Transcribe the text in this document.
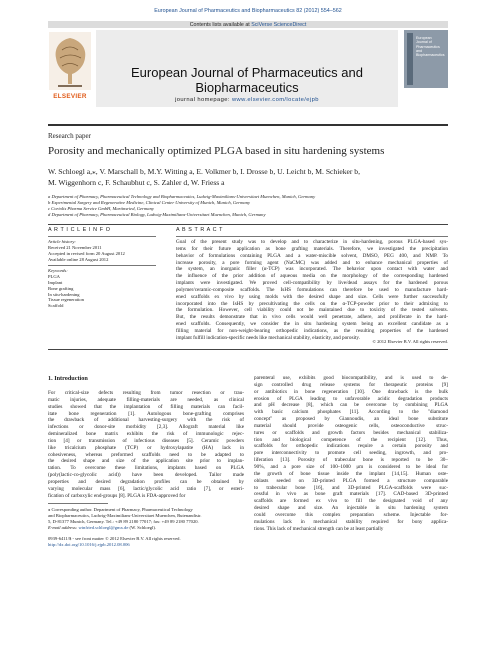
European Journal of Pharmaceutics and Biopharmaceutics 82 (2012) 554–562
Contents lists available at SciVerse ScienceDirect
ELSEVIER
European Journal of Pharmaceutics and Biopharmaceutics
journal homepage: www.elsevier.com/locate/ejpb
European
Journal of
Pharmaceutics and
Biopharmaceutics
Research paper
Porosity and mechanically optimized PLGA based in situ hardening systems
W. Schloegl a,⁎, V. Marschall b, M.Y. Witting a, E. Volkmer b, I. Drosse b, U. Leicht b, M. Schieker b,
M. Wiggenhorn c, F. Schaubhut c, S. Zahler d, W. Friess a
a Department of Pharmacy, Pharmaceutical Technology and Biopharmaceutics, Ludwig-Maximilians-Universitaet Muenchen, Munich, Germany
b Experimental Surgery and Regenerative Medicine, Clinical Center University of Munich, Munich, Germany
c Coriolis Pharma Service GmbH, Martinsried, Germany
d Department of Pharmacy, Pharmaceutical Biology, Ludwig-Maximilians-Universitaet Muenchen, Munich, Germany
A R T I C L E I N F O
Article history:
Received 21 November 2011
Accepted in revised form 20 August 2012
Available online 28 August 2012
Keywords:
PLGA
Implant
Bone grafting
In situ-hardening
Tissue regeneration
Scaffold
A B S T R A C T
Goal of the present study was to develop and to characterize in situ-hardening, porous PLGA-based sys-
tems for their future application as bone grafting materials. Therefore, we investigated the precipitation
behavior of formulations containing PLGA and a water-miscible solvent, DMSO, PEG 400, and NMP. To
increase porosity, a pore forming agent (NaCMC) was added and to enhance mechanical properties of
the system, an inorganic filler (α-TCP) was incorporated. The behavior upon contact with water and
the influence of the prior addition of aqueous media on the morphology of the corresponding hardened
implants were investigated. We proved cell-compatibility by live/dead assays for the hardened porous
polymer/ceramic-composite scaffolds. The IsHS formulations can therefore be used to manufacture hard-
ened scaffolds ex vivo by using molds with the desired shape and size. Cells were further successfully
incorporated into the IsHS by precultivating the cells on the α-TCP-powder prior to their admixing to
the formulation. However, cell viability could not be maintained due to toxicity of the tested solvents.
But, the results demonstrate that in vivo cells would well penetrate, adhere, and proliferate in the hard-
ened scaffolds. Consequently, we consider the in situ hardening system being an excellent candidate as a
filling material for non-weight-bearing orthopedic indications, as the resulting properties of the hardened
implant fulfill indication-specific needs like mechanical stability, elasticity, and porosity.
© 2012 Elsevier B.V. All rights reserved.
1. Introduction
For critical-size defects resulting from tumor resection or trau-
matic injuries, adequate filling-materials are needed, as clinical
studies showed that the implantation of filling materials can facil-
itate bone regeneration [1]. Autologous bone-grafting comprises
the drawback of additional harvesting-surgery with the risk of
infections or donor-site morbidity [2,3]. Allograft material like
demineralized bone matrix exhibits the risk of immunologic rejec-
tion [4] or transmission of infectious diseases [5]. Ceramic powders
like tricalcium phosphate (TCP) or hydroxylapatite (HA) lack in
cohesiveness, whereas preformed scaffolds need to be adapted to
the desired shape and size of the application site prior to implan-
tation. To overcome these limitations, implants based on PLGA
(poly(lactic-co-glycolic acid)) have been developed. Tailor made
properties and desired degradation profiles can be obtained by
varying molecular mass [6], lactic/glycolic acid ratio [7], or esteri-
fication of carboxylic end-groups [8]. PLGA is FDA-approved for
parenteral use, exhibits good biocompatibility, and is used to de-
sign controlled drug release systems for therapeutic proteins [9]
or antibiotics in bone regeneration [10]. One drawback is the bulk
erosion of PLGA leading to unfavorable acidic degradation products
and pH decrease [8], which can be overcome by combining PLGA
with basic calcium phosphates [11]. According to the "diamond
concept" as proposed by Giannoudis, an ideal bone substitute
material should provide osteogenic cells, osteoconductive struc-
tures or scaffolds and growth factors besides mechanical stabiliza-
tion and biological competence of the recipient [12]. Thus,
scaffolds for orthopedic indications require a certain porosity and
pore interconnectivity to promote cell seeding, ingrowth, and pro-
liferation [13]. Porosity of trabecular bone is reported to be 30–
90%, and a pore size of 100–1000 μm is considered to be ideal for
the growth of bone tissue inside the implant [14,15]. Human oste-
oblasts seeded on 3D-printed PLGA formed a structure comparable
to trabecular bone [16], and 3D-printed PLGA-scaffolds were suc-
cessful in vivo as bone graft materials [17]. CAD-based 3D-printed
scaffolds are formed ex vivo to fill the designated void of any
desired shape and size. An injectable in situ hardening system
could overcome this complex preparation scheme. Injectable for-
mulations lack in mechanical stability required for bony applica-
tions. This lack of mechanical strength can be at least partially
⁎ Corresponding author. Department of Pharmacy, Pharmaceutical Technology
and Biopharmaceutics, Ludwig-Maximilians-Universitaet Muenchen, Butenandtstr.
5, D-81377 Munich, Germany. Tel.: +49 89 2180 77017; fax: +49 89 2180 77020.
E-mail address: winfried.schloegl@gmx.de (W. Schloegl).
0939-6411/$ - see front matter © 2012 Elsevier B.V. All rights reserved.
http://dx.doi.org/10.1016/j.ejpb.2012.08.006
